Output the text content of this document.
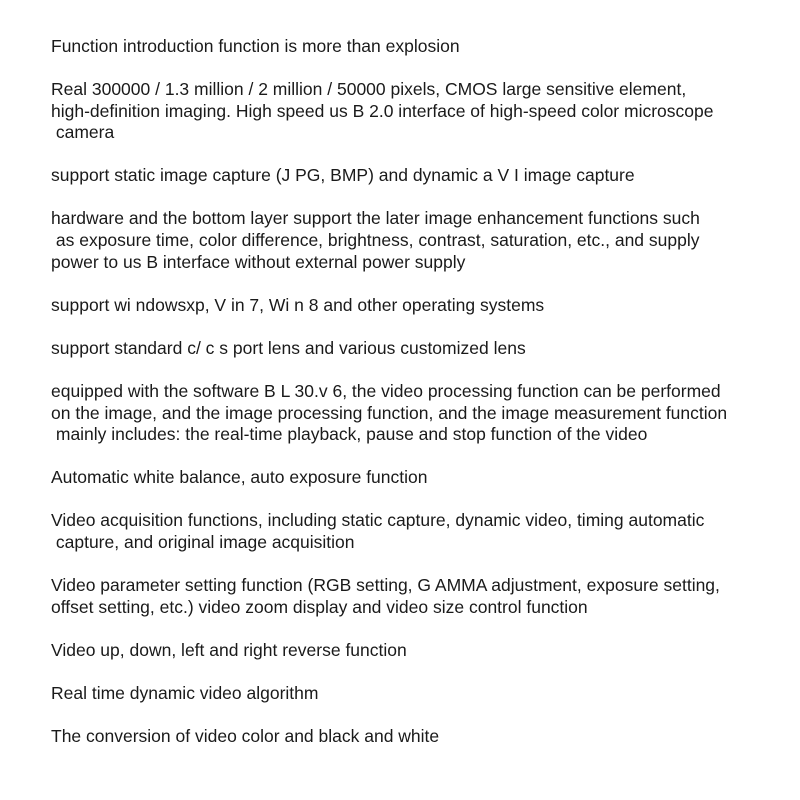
Function introduction function is more than explosion

Real 300000 / 1.3 million / 2 million / 50000 pixels, CMOS large sensitive element,
high-definition imaging. High speed us B 2.0 interface of high-speed color microscope
camera

support static image capture (J PG, BMP) and dynamic a V I image capture

hardware and the bottom layer support the later image enhancement functions such
as exposure time, color difference, brightness, contrast, saturation, etc., and supply
power to us B interface without external power supply

support wi ndowsxp, V in 7, Wi n 8 and other operating systems

support standard c/ c s port lens and various customized lens

equipped with the software B L 30.v 6, the video processing function can be performed
on the image, and the image processing function, and the image measurement function
mainly includes: the real-time playback, pause and stop function of the video

Automatic white balance, auto exposure function

Video acquisition functions, including static capture, dynamic video, timing automatic
capture, and original image acquisition

Video parameter setting function (RGB setting, G AMMA adjustment, exposure setting,
offset setting, etc.) video zoom display and video size control function

Video up, down, left and right reverse function

Real time dynamic video algorithm

The conversion of video color and black and white
